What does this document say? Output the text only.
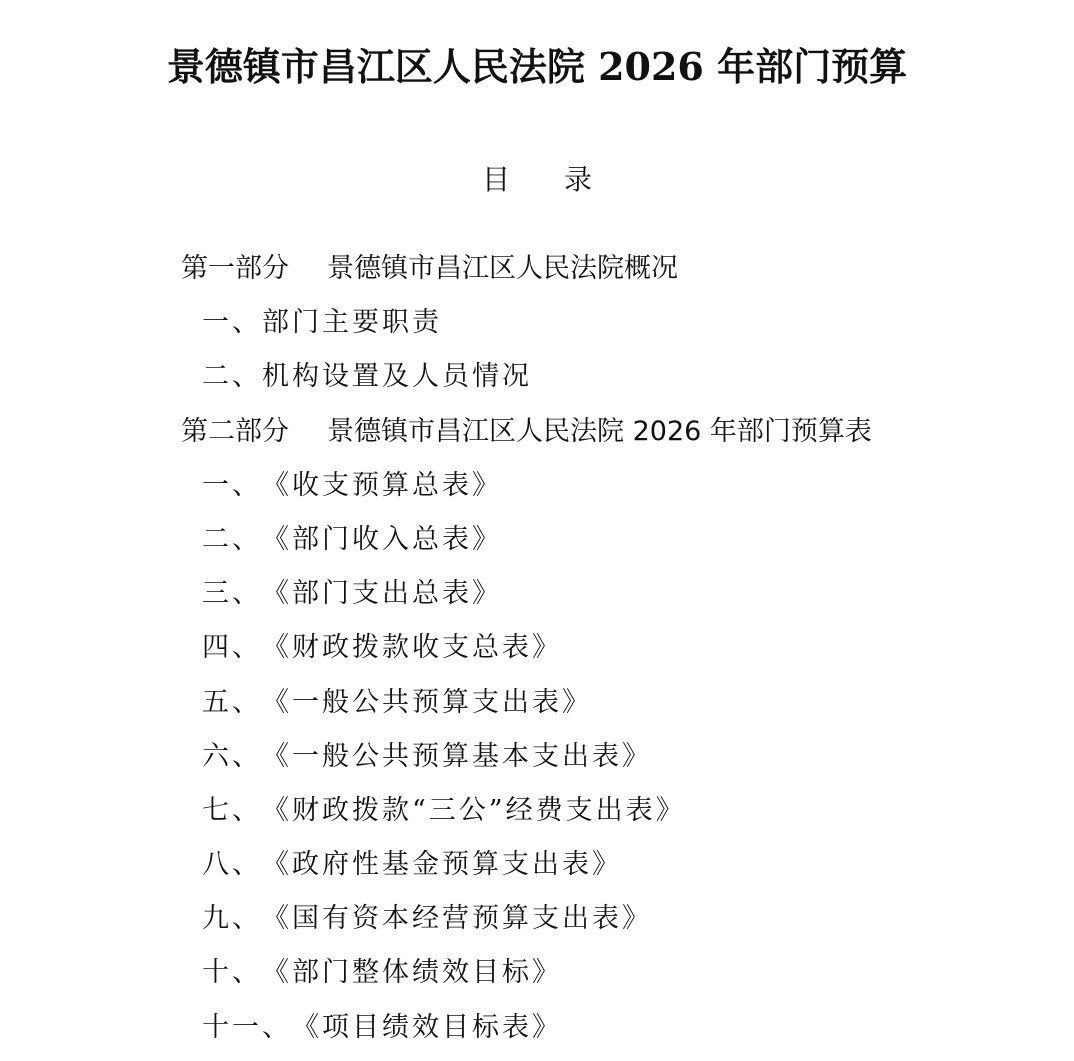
景德镇市昌江区人民法院 2026 年部门预算
目 录
第一部分 景德镇市昌江区人民法院概况
一、部门主要职责
二、机构设置及人员情况
第二部分 景德镇市昌江区人民法院 2026 年部门预算表
一、《收支预算总表》
二、《部门收入总表》
三、《部门支出总表》
四、《财政拨款收支总表》
五、《一般公共预算支出表》
六、《一般公共预算基本支出表》
七、《财政拨款“三公”经费支出表》
八、《政府性基金预算支出表》
九、《国有资本经营预算支出表》
十、《部门整体绩效目标》
十一、《项目绩效目标表》
